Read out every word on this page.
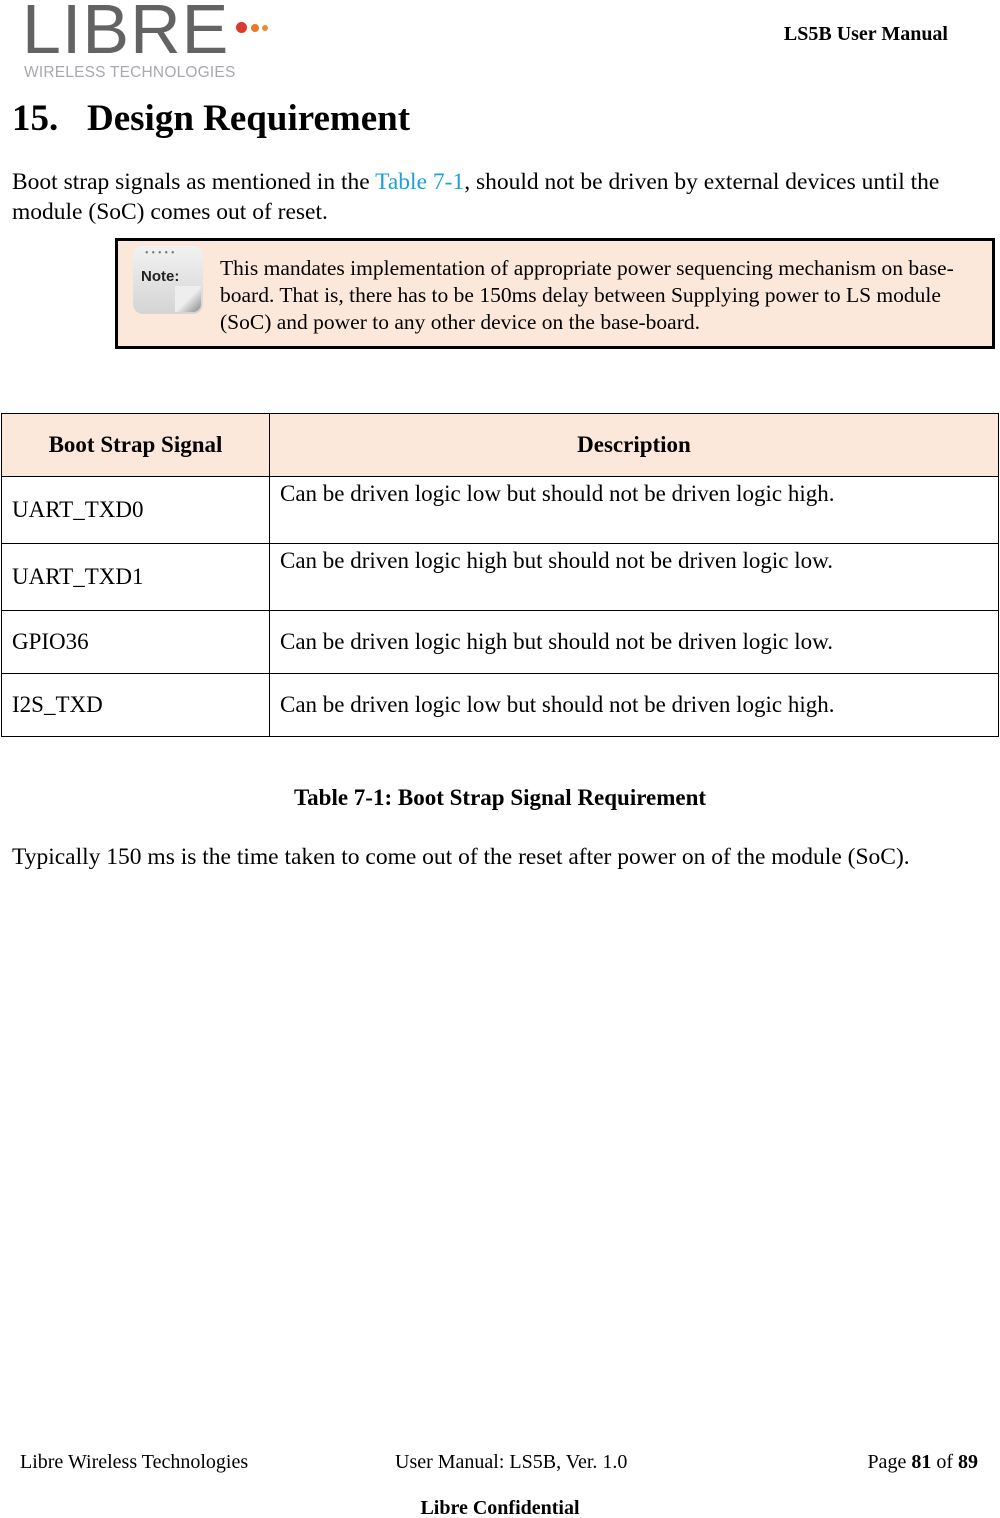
LIBRE
WIRELESS TECHNOLOGIES
LS5B User Manual
15. Design Requirement
Boot strap signals as mentioned in the Table 7-1, should not be driven by external devices until the module (SoC) comes out of reset.
•••••
Note: This mandates implementation of appropriate power sequencing mechanism on base-board. That is, there has to be 150ms delay between Supplying power to LS module (SoC) and power to any other device on the base-board.
Boot Strap Signal	Description
UART_TXD0	Can be driven logic low but should not be driven logic high.
UART_TXD1	Can be driven logic high but should not be driven logic low.
GPIO36	Can be driven logic high but should not be driven logic low.
I2S_TXD	Can be driven logic low but should not be driven logic high.
Table 7-1: Boot Strap Signal Requirement
Typically 150 ms is the time taken to come out of the reset after power on of the module (SoC).
Libre Wireless Technologies	User Manual: LS5B, Ver. 1.0	Page 81 of 89
Libre Confidential
